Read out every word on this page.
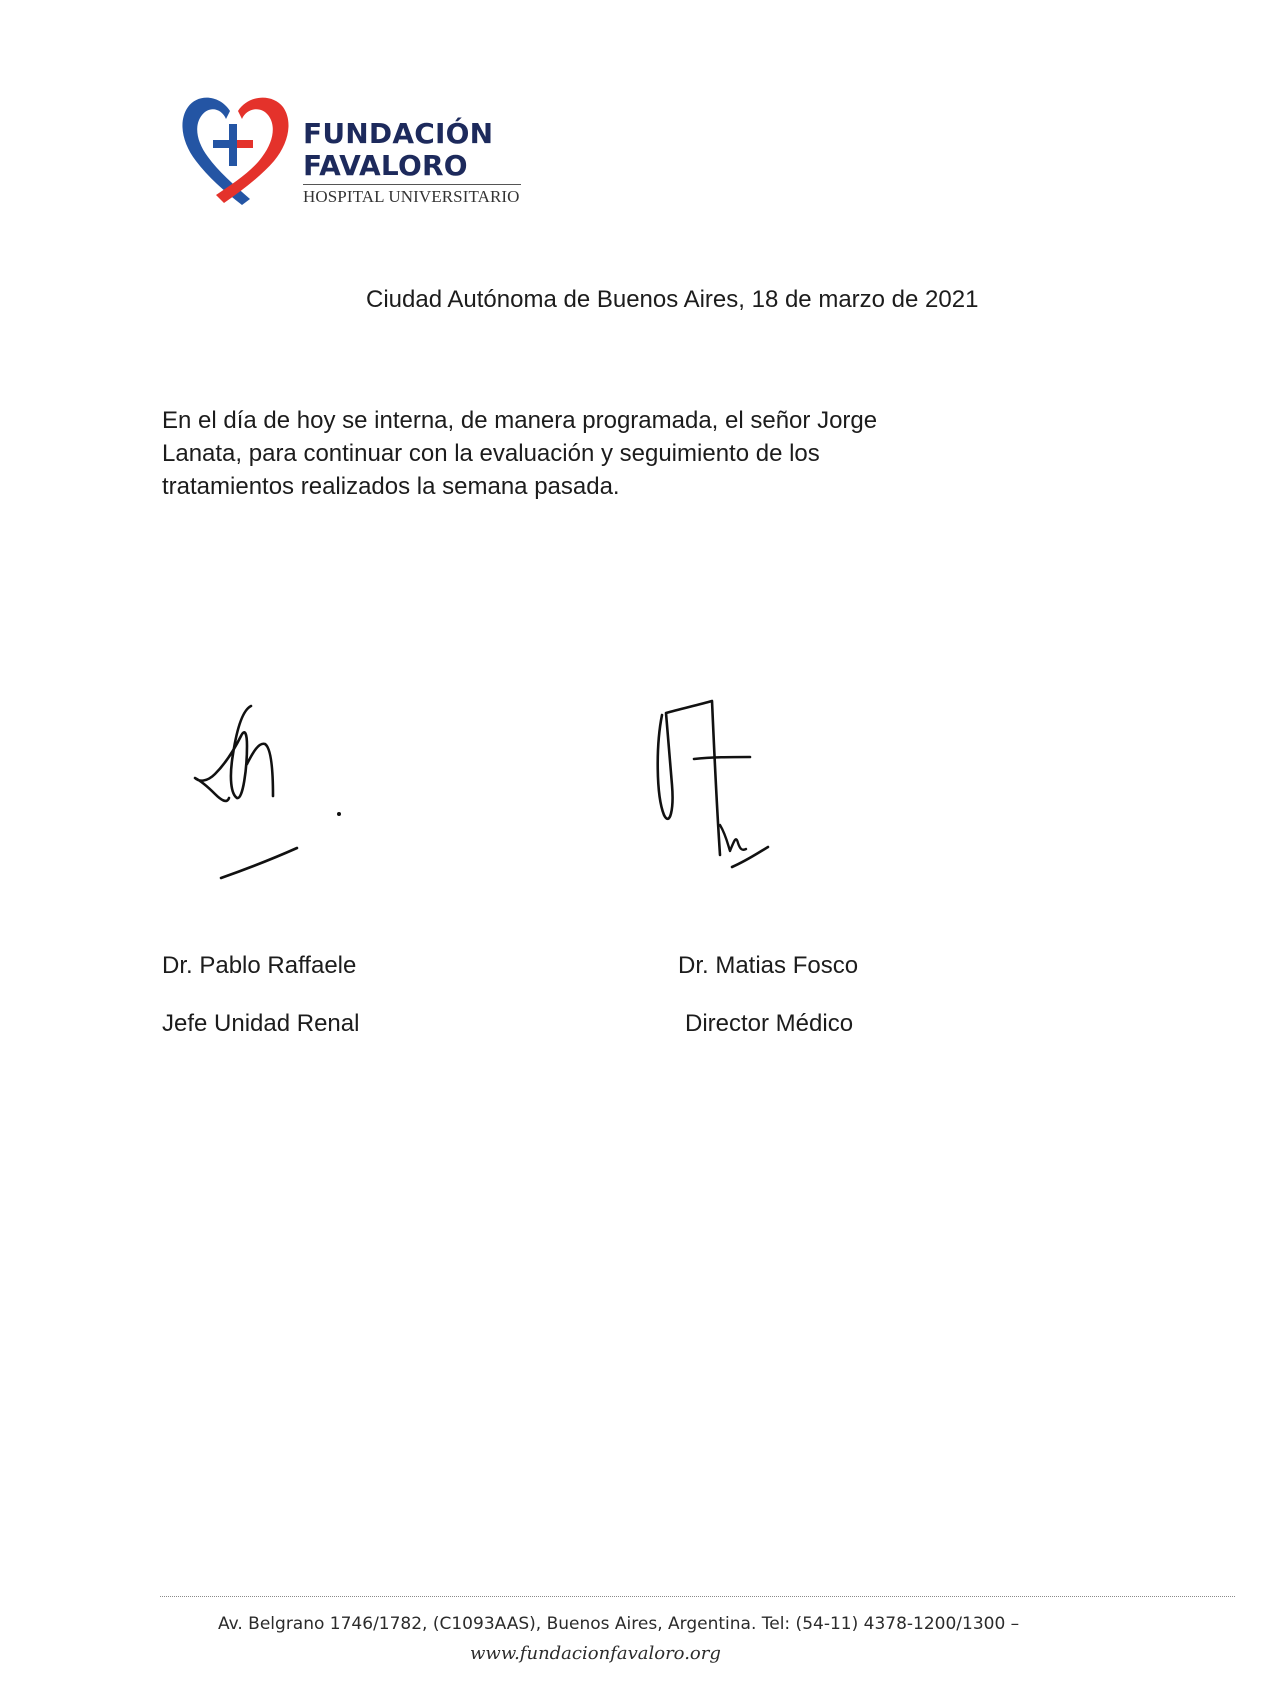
FUNDACIÓN
FAVALORO
HOSPITAL UNIVERSITARIO
Ciudad Autónoma de Buenos Aires, 18 de marzo de 2021

En el día de hoy se interna, de manera programada, el señor Jorge

Lanata, para continuar con la evaluación y seguimiento de los

tratamientos realizados la semana pasada.

Dr. Pablo Raffaele
Jefe Unidad Renal
Dr. Matias Fosco
Director Médico
Av. Belgrano 1746/1782, (C1093AAS), Buenos Aires, Argentina. Tel: (54-11) 4378-1200/1300 –
www.fundacionfavaloro.org
